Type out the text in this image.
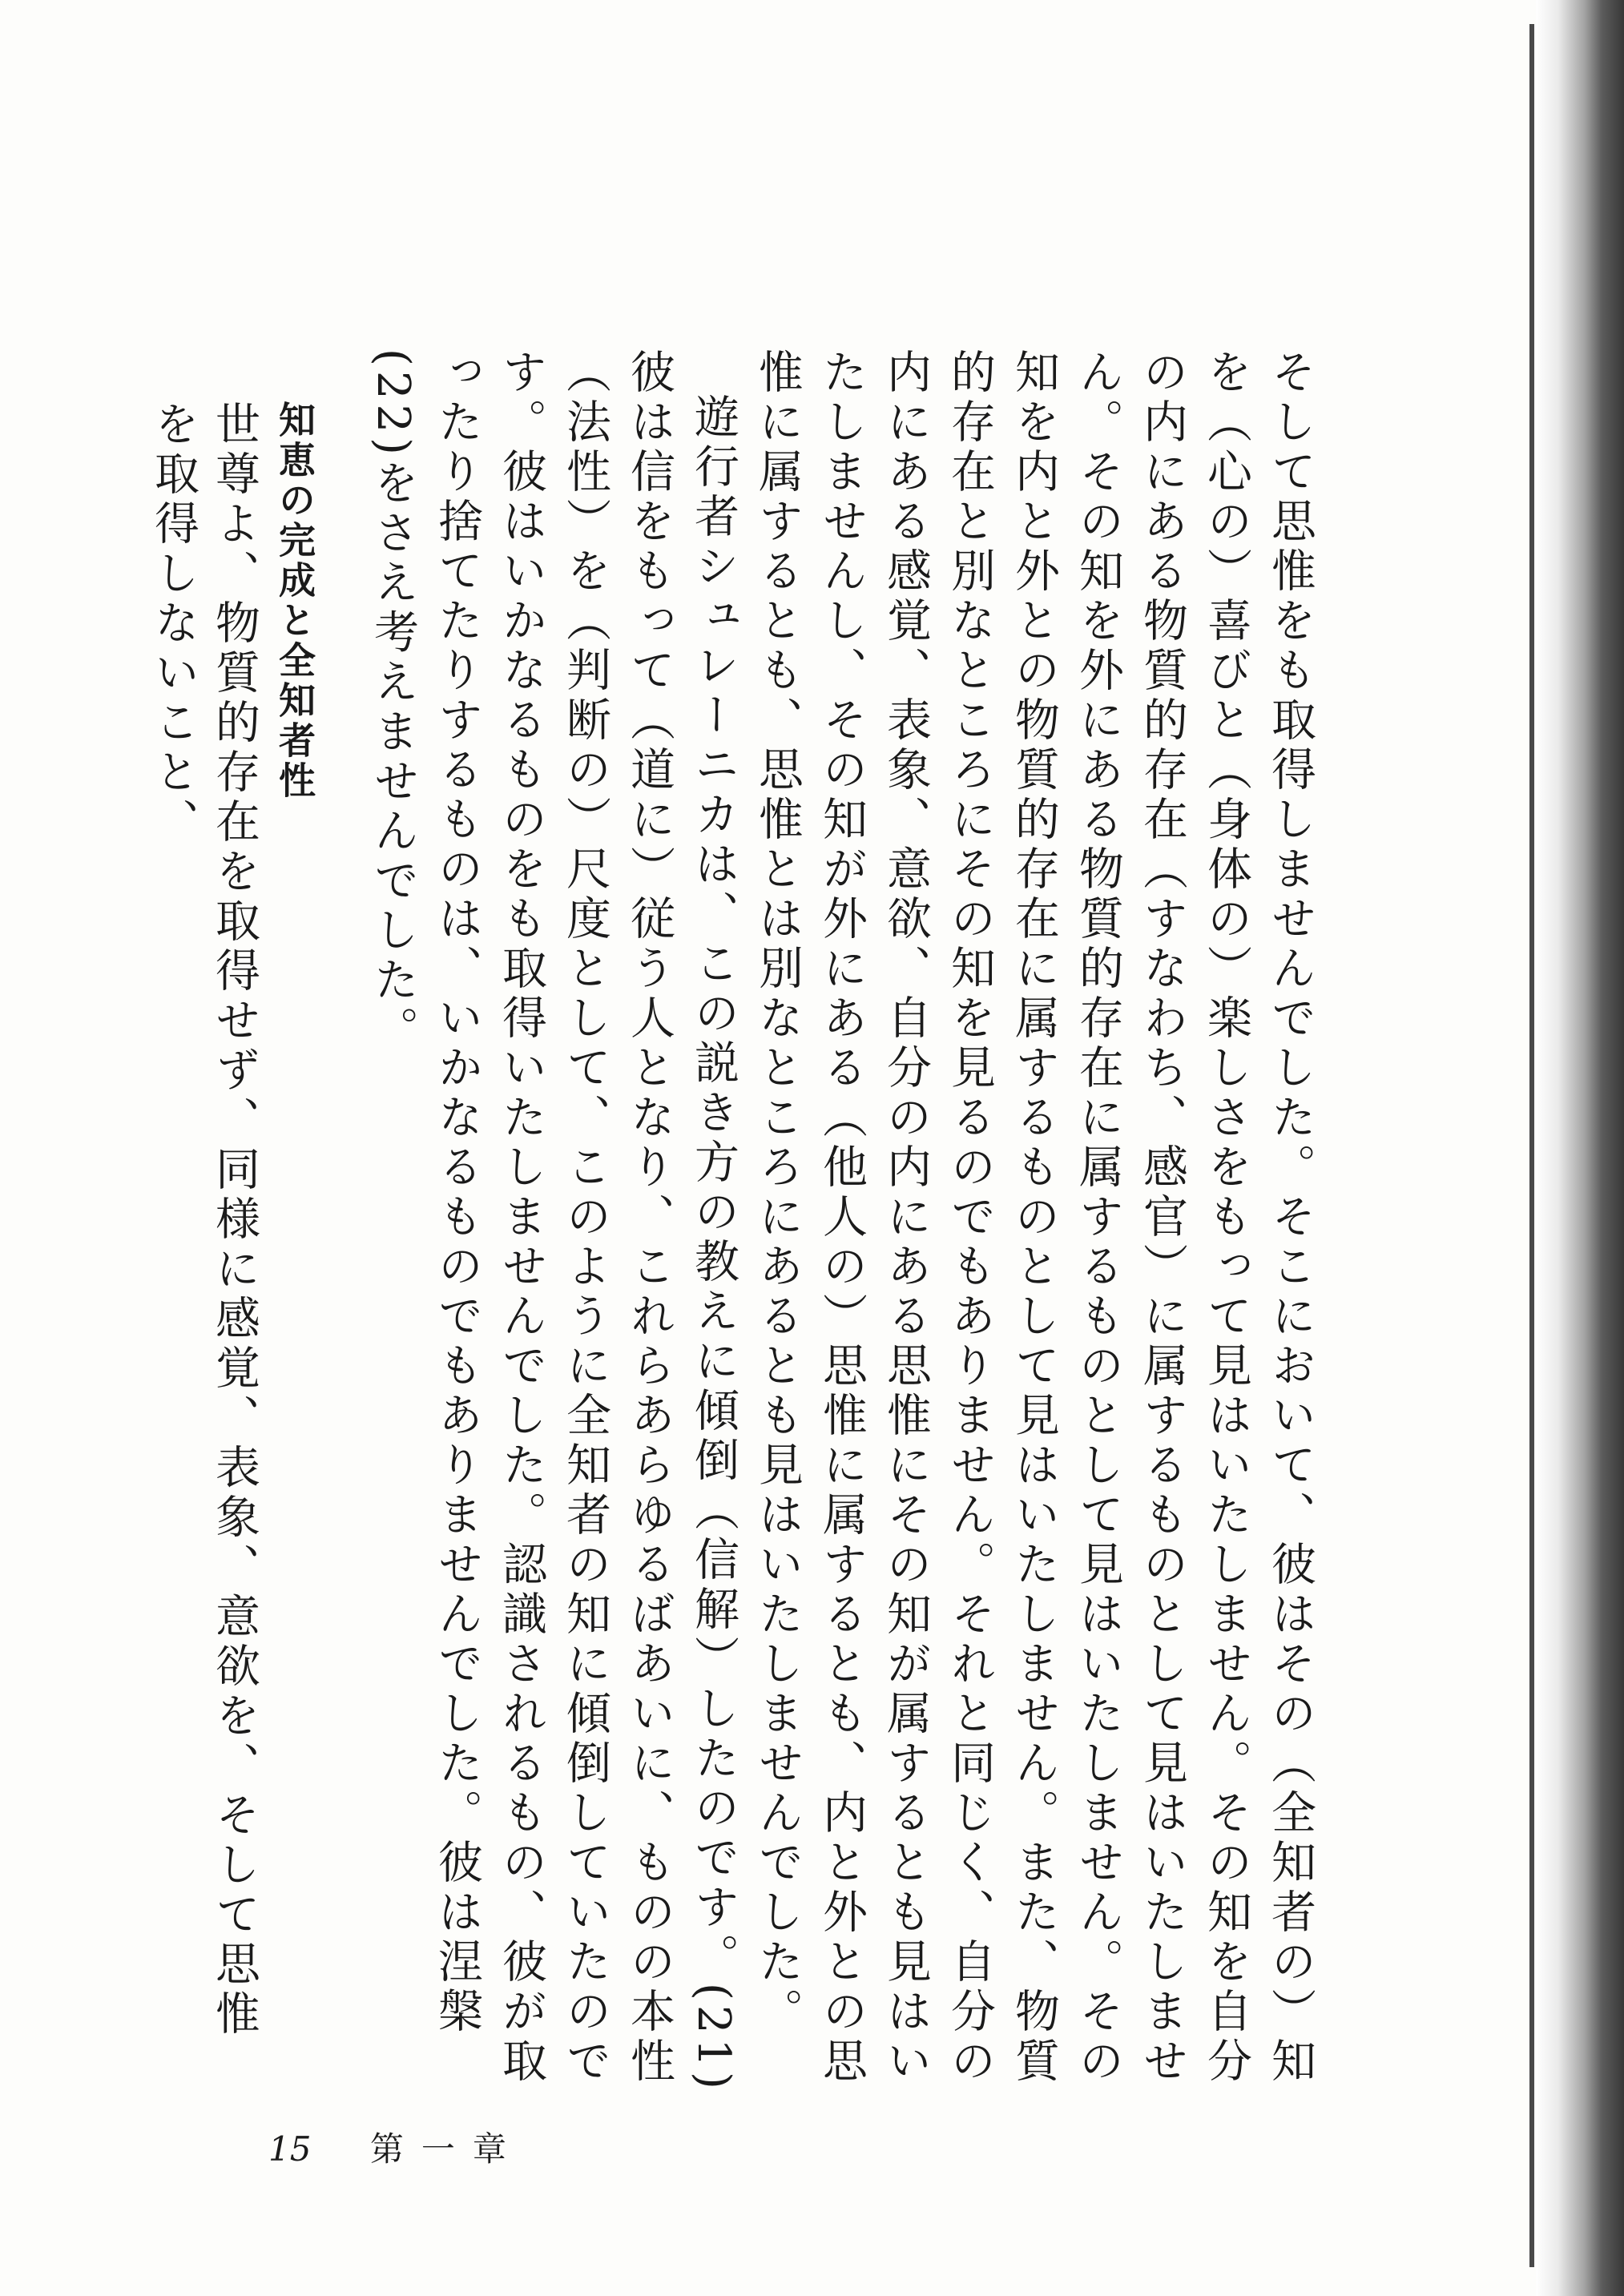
そして思惟をも取得しませんでした。そこにおいて、彼はその（全知者の）知を（心の）喜びと（身体の）楽しさをもって見はいたしません。その知を自分の内にある物質的存在（すなわち、感官）に属するものとして見はいたしません。その知を外にある物質的存在に属するものとして見はいたしません。その知を内と外との物質的存在に属するものとして見はいたしません。また、物質的存在と別なところにその知を見るのでもありません。それと同じく、自分の内にある感覚、表象、意欲、自分の内にある思惟にその知が属するとも見はいたしませんし、その知が外にある（他人の）思惟に属するとも、内と外との思惟に属するとも、思惟とは別なところにあるとも見はいたしませんでした。

遊行者シュレーニカは、この説き方の教えに傾倒（信解）したのです。(21) 彼は信をもって（道に）従う人となり、これらあらゆるばあいに、ものの本性（法性）を（判断の）尺度として、このように全知者の知に傾倒していたのです。彼はいかなるものをも取得いたしませんでした。認識されるもの、彼が取ったり捨てたりするものは、いかなるものでもありませんでした。彼は涅槃(22)をさえ考えませんでした。

知恵の完成と全知者性

世尊よ、物質的存在を取得せず、同様に感覚、表象、意欲を、そして思惟を取得しないこと、

15 第一章
